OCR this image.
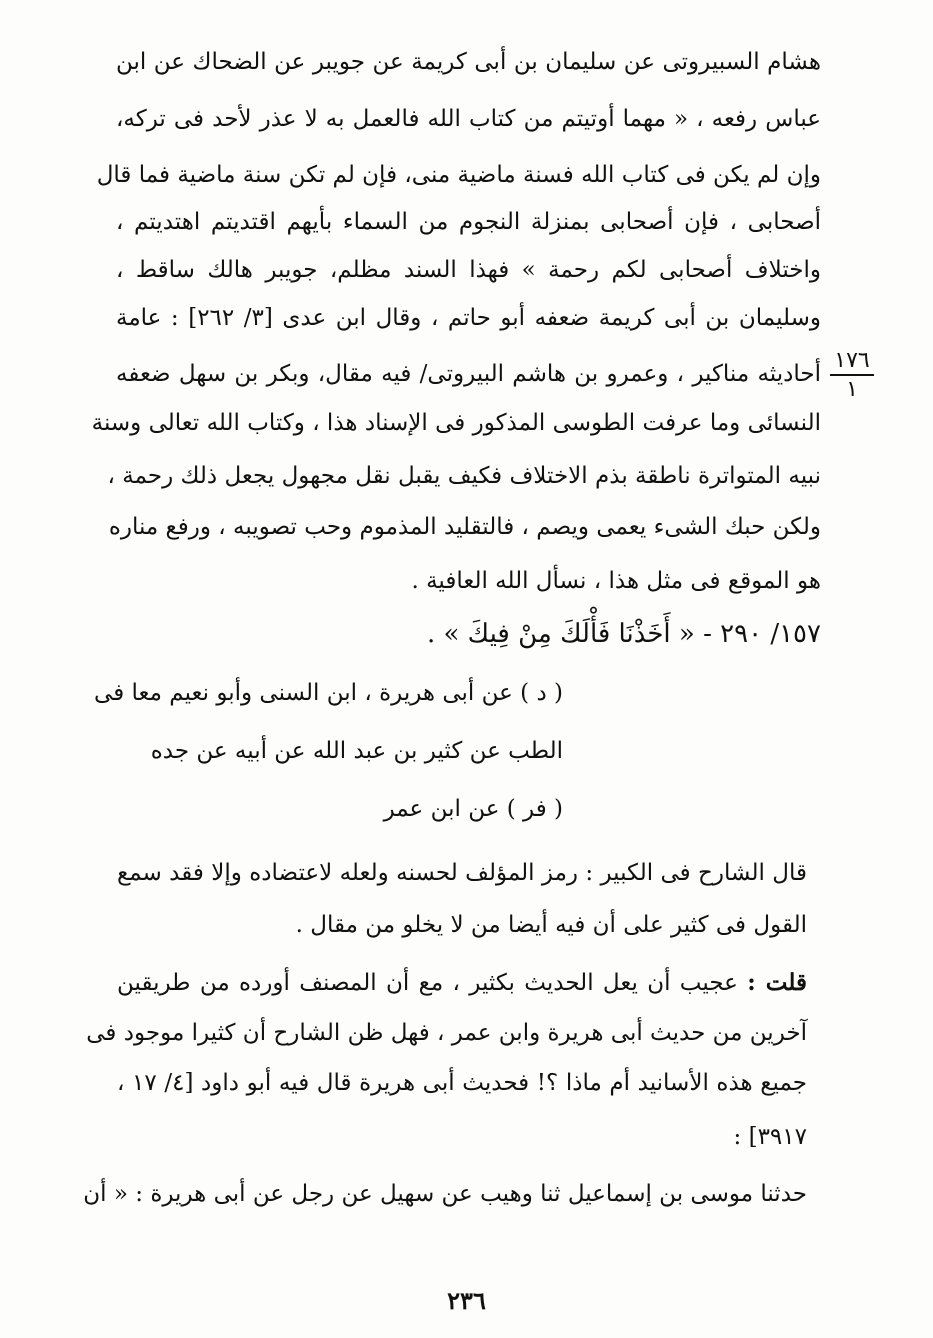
هشام السبيروتى عن سليمان بن أبى كريمة عن جويبر عن الضحاك عن ابن
عباس رفعه ، « مهما أوتيتم من كتاب الله فالعمل به لا عذر لأحد فى تركه،
وإن لم يكن فى كتاب الله فسنة ماضية منى، فإن لم تكن سنة ماضية فما قال
أصحابى ، فإن أصحابى بمنزلة النجوم من السماء بأيهم اقتديتم اهتديتم ،
واختلاف أصحابى لكم رحمة » فهذا السند مظلم، جويبر هالك ساقط ،
وسليمان بن أبى كريمة ضعفه أبو حاتم ، وقال ابن عدى [٣/ ٢٦٢] : عامة
أحاديثه مناكير ، وعمرو بن هاشم البيروتى/ فيه مقال، وبكر بن سهل ضعفه
النسائى وما عرفت الطوسى المذكور فى الإسناد هذا ، وكتاب الله تعالى وسنة
نبيه المتواترة ناطقة بذم الاختلاف فكيف يقبل نقل مجهول يجعل ذلك رحمة ،
ولكن حبك الشىء يعمى ويصم ، فالتقليد المذموم وحب تصويبه ، ورفع مناره
هو الموقع فى مثل هذا ، نسأل الله العافية .
١٧٦
١
١٥٧/ ٢٩٠ - « أَخَذْنَا فَأْلَكَ مِنْ فِيكَ » .
( د ) عن أبى هريرة ، ابن السنى وأبو نعيم معا فى
الطب عن كثير بن عبد الله عن أبيه عن جده
( فر ) عن ابن عمر
قال الشارح فى الكبير : رمز المؤلف لحسنه ولعله لاعتضاده وإلا فقد سمع
القول فى كثير على أن فيه أيضا من لا يخلو من مقال .
قلت : عجيب أن يعل الحديث بكثير ، مع أن المصنف أورده من طريقين
آخرين من حديث أبى هريرة وابن عمر ، فهل ظن الشارح أن كثيرا موجود فى
جميع هذه الأسانيد أم ماذا ؟! فحديث أبى هريرة قال فيه أبو داود [٤/ ١٧ ،
٣٩١٧] :
حدثنا موسى بن إسماعيل ثنا وهيب عن سهيل عن رجل عن أبى هريرة : « أن
٢٣٦
